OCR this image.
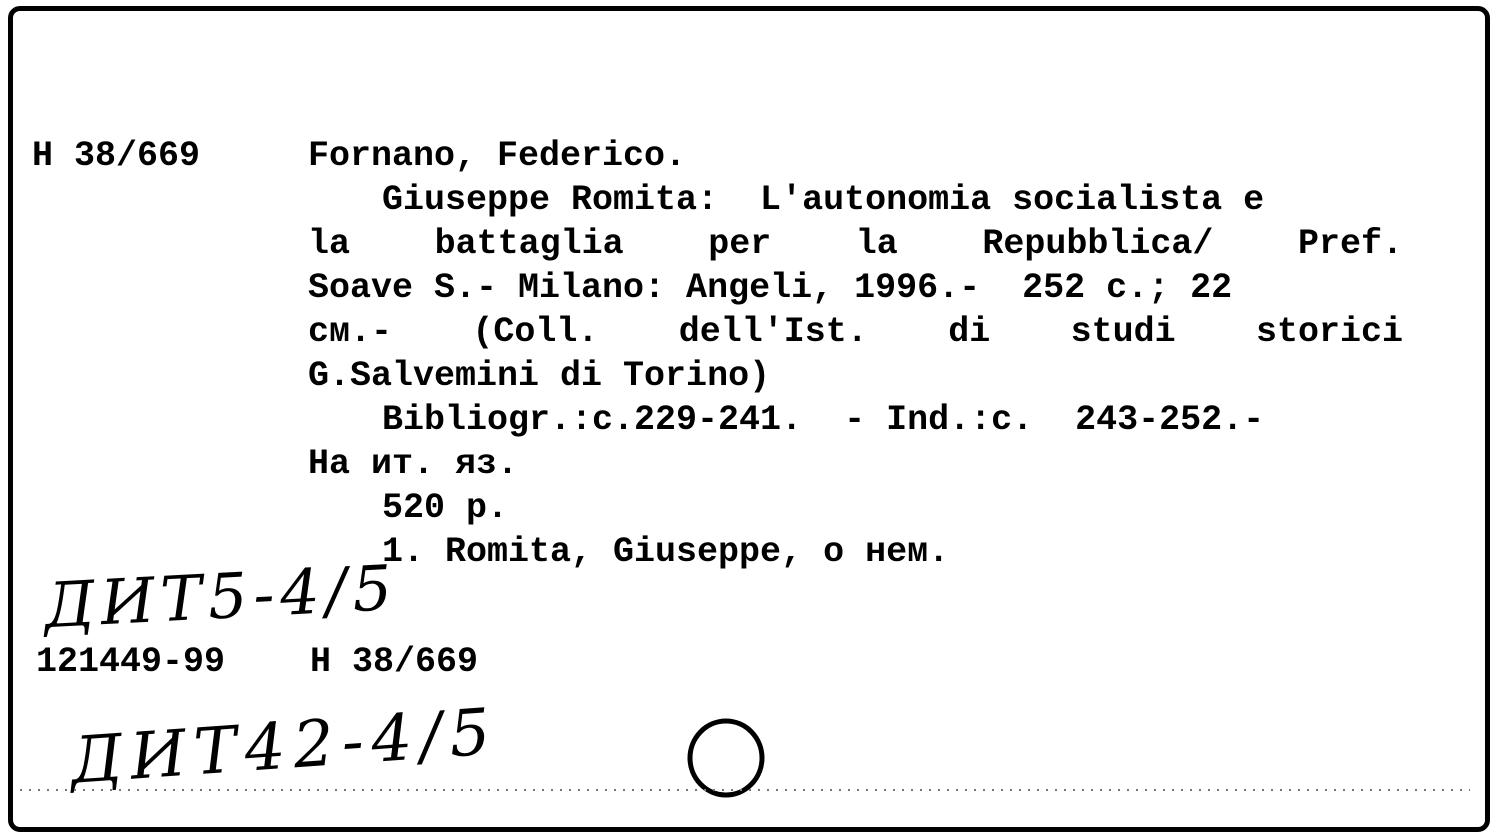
H 38/669	Fornano, Federico.
Giuseppe Romita:  L'autonomia socialista e
la battaglia per la Repubblica/ Pref.
Soave S.- Milano: Angeli, 1996.-  252 c.; 22
cм.- (Coll. dell'Ist. di studi storici
G.Salvemini di Torino)
Bibliogr.:c.229-241.  - Ind.:c.  243-252.-
Hа ит. яз.
520 p.
1. Romita, Giuseppe, о нем.
ДИТ5-4/5
121449-99 H 38/669
ДИТ42-4/5
